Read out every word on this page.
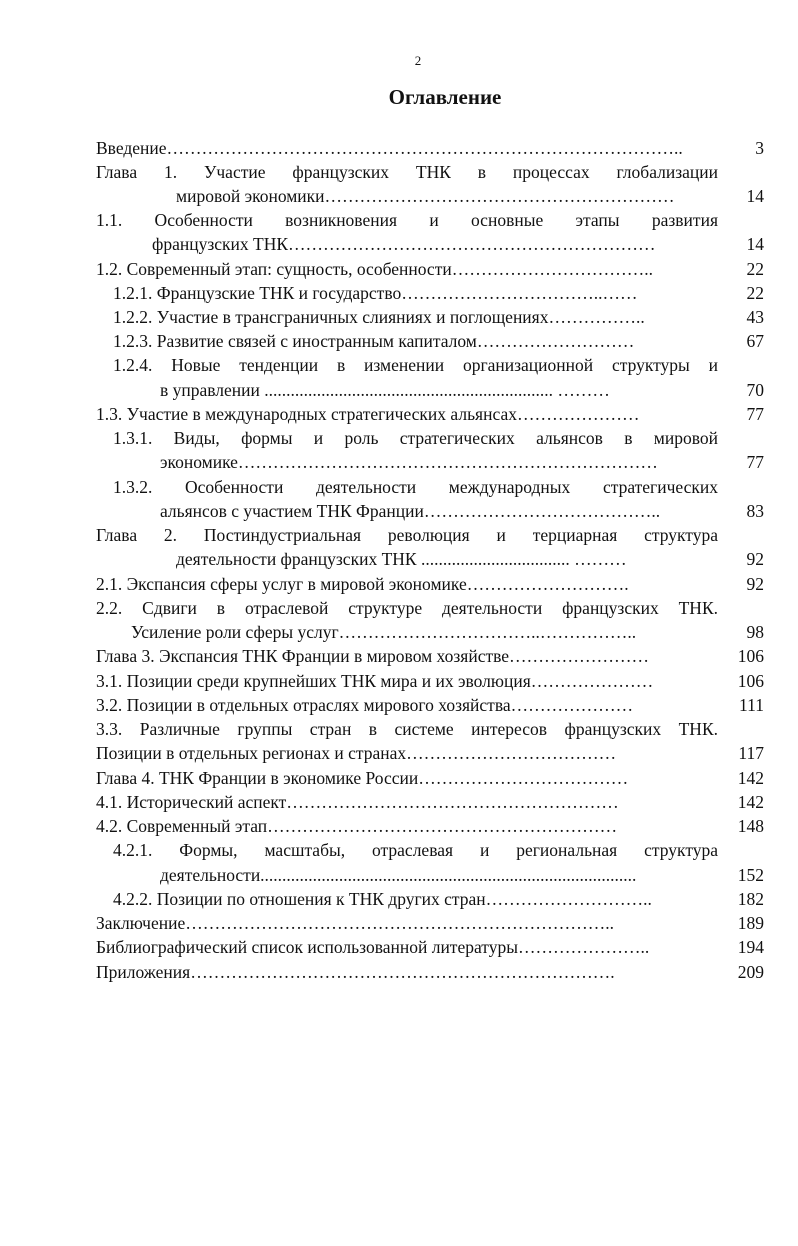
2
Оглавление
Введение……………………………………………………………………………..	3
Глава 1. Участие французских ТНК в процессах глобализации
мировой экономики……………………………………………………	14
1.1. Особенности возникновения и основные этапы развития
французских ТНК………………………………………………………	14
1.2. Современный этап: сущность, особенности……………………………..	22
1.2.1. Французские ТНК и государство……………………………..……	22
1.2.2. Участие в трансграничных слияниях и поглощениях……………..	43
1.2.3. Развитие связей с иностранным капиталом………………………	67
1.2.4. Новые тенденции в изменении организационной структуры и
в управлении .................................................................. ………	70
1.3. Участие в международных стратегических альянсах…………………	77
1.3.1. Виды, формы и роль стратегических альянсов в мировой
экономике………………………………………………………………	77
1.3.2. Особенности деятельности международных стратегических
альянсов с участием ТНК Франции…………………………………..	83
Глава 2. Постиндустриальная революция и терциарная структура
деятельности французских ТНК .................................. ………	92
2.1. Экспансия сферы услуг в мировой экономике……………………….	92
2.2. Сдвиги в отраслевой структуре деятельности французских ТНК.
Усиление роли сферы услуг……………………………..……………..	98
Глава 3. Экспансия ТНК Франции в мировом хозяйстве……………………	106
3.1. Позиции среди крупнейших ТНК мира и их эволюция…………………	106
3.2. Позиции в отдельных отраслях мирового хозяйства…………………	111
3.3. Различные группы стран в системе интересов французских ТНК.
Позиции в отдельных регионах и странах………………………………	117
Глава 4. ТНК Франции в экономике России………………………………	142
4.1. Исторический аспект…………………………………………………	142
4.2. Современный этап……………………………………………………	148
4.2.1. Формы, масштабы, отраслевая и региональная структура
деятельности......................................................................................	152
4.2.2. Позиции по отношения к ТНК других стран………………………..	182
Заключение………………………………………………………………..	189
Библиографический список использованной литературы…………………..	194
Приложения……………………………………………………………….	209
